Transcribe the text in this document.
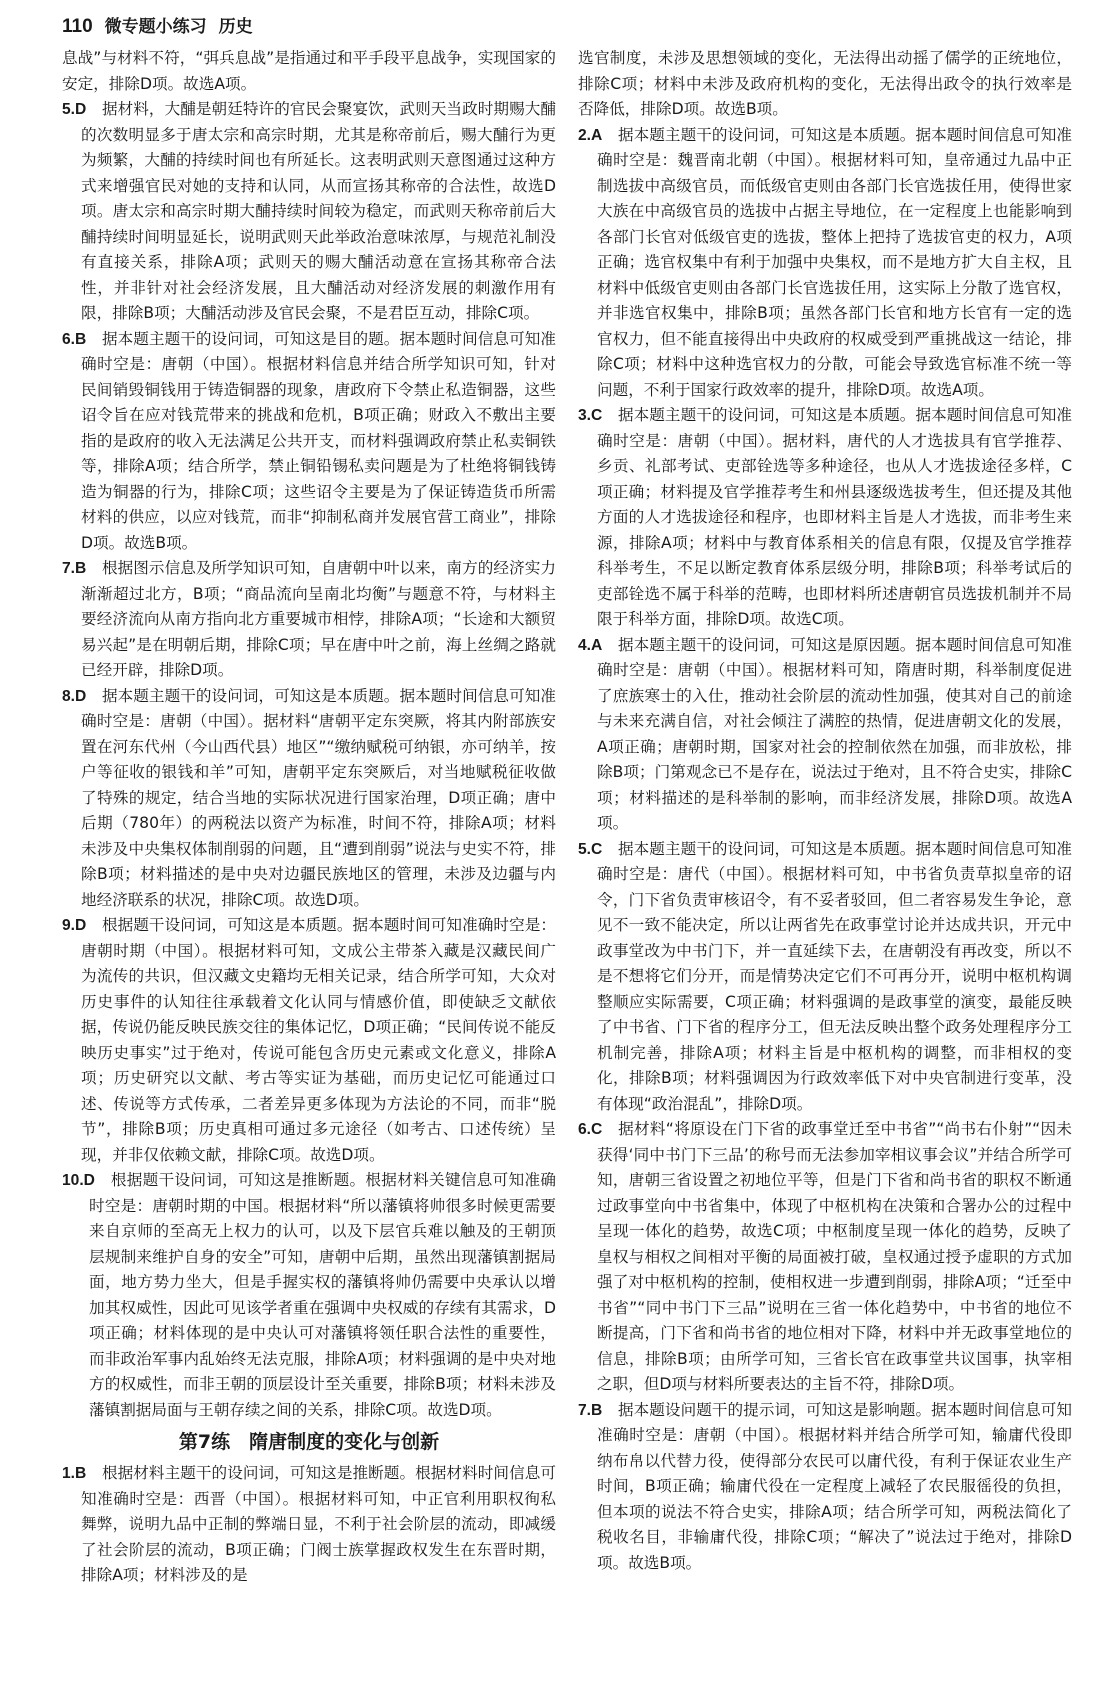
110 微专题小练习 历史

息战”与材料不符，“弭兵息战”是指通过和平手段平息战争，实现国家的安定，排除D项。故选A项。

5.D  据材料，大酺是朝廷特许的官民会聚宴饮，武则天当政时期赐大酺的次数明显多于唐太宗和高宗时期，尤其是称帝前后，赐大酺行为更为频繁，大酺的持续时间也有所延长。这表明武则天意图通过这种方式来增强官民对她的支持和认同，从而宣扬其称帝的合法性，故选D项。唐太宗和高宗时期大酺持续时间较为稳定，而武则天称帝前后大酺持续时间明显延长，说明武则天此举政治意味浓厚，与规范礼制没有直接关系，排除A项；武则天的赐大酺活动意在宣扬其称帝合法性，并非针对社会经济发展，且大酺活动对经济发展的刺激作用有限，排除B项；大酺活动涉及官民会聚，不是君臣互动，排除C项。

6.B  据本题主题干的设问词，可知这是目的题。据本题时间信息可知准确时空是：唐朝（中国）。根据材料信息并结合所学知识可知，针对民间销毁铜钱用于铸造铜器的现象，唐政府下令禁止私造铜器，这些诏令旨在应对钱荒带来的挑战和危机，B项正确；财政入不敷出主要指的是政府的收入无法满足公共开支，而材料强调政府禁止私卖铜铁等，排除A项；结合所学，禁止铜铅锡私卖问题是为了杜绝将铜钱铸造为铜器的行为，排除C项；这些诏令主要是为了保证铸造货币所需材料的供应，以应对钱荒，而非“抑制私商并发展官营工商业”，排除D项。故选B项。

7.B  根据图示信息及所学知识可知，自唐朝中叶以来，南方的经济实力渐渐超过北方，B项；“商品流向呈南北均衡”与题意不符，与材料主要经济流向从南方指向北方重要城市相悖，排除A项；“长途和大额贸易兴起”是在明朝后期，排除C项；早在唐中叶之前，海上丝绸之路就已经开辟，排除D项。

8.D  据本题主题干的设问词，可知这是本质题。据本题时间信息可知准确时空是：唐朝（中国）。据材料“唐朝平定东突厥，将其内附部族安置在河东代州（今山西代县）地区”“缴纳赋税可纳银，亦可纳羊，按户等征收的银钱和羊”可知，唐朝平定东突厥后，对当地赋税征收做了特殊的规定，结合当地的实际状况进行国家治理，D项正确；唐中后期（780年）的两税法以资产为标准，时间不符，排除A项；材料未涉及中央集权体制削弱的问题，且“遭到削弱”说法与史实不符，排除B项；材料描述的是中央对边疆民族地区的管理，未涉及边疆与内地经济联系的状况，排除C项。故选D项。

9.D  根据题干设问词，可知这是本质题。据本题时间可知准确时空是：唐朝时期（中国）。根据材料可知，文成公主带茶入藏是汉藏民间广为流传的共识，但汉藏文史籍均无相关记录，结合所学可知，大众对历史事件的认知往往承载着文化认同与情感价值，即使缺乏文献依据，传说仍能反映民族交往的集体记忆，D项正确；“民间传说不能反映历史事实”过于绝对，传说可能包含历史元素或文化意义，排除A项；历史研究以文献、考古等实证为基础，而历史记忆可能通过口述、传说等方式传承，二者差异更多体现为方法论的不同，而非“脱节”，排除B项；历史真相可通过多元途径（如考古、口述传统）呈现，并非仅依赖文献，排除C项。故选D项。

10.D  根据题干设问词，可知这是推断题。根据材料关键信息可知准确时空是：唐朝时期的中国。根据材料“所以藩镇将帅很多时候更需要来自京师的至高无上权力的认可，以及下层官兵难以触及的王朝顶层规制来维护自身的安全”可知，唐朝中后期，虽然出现藩镇割据局面，地方势力坐大，但是手握实权的藩镇将帅仍需要中央承认以增加其权威性，因此可见该学者重在强调中央权威的存续有其需求，D项正确；材料体现的是中央认可对藩镇将领任职合法性的重要性，而非政治军事内乱始终无法克服，排除A项；材料强调的是中央对地方的权威性，而非王朝的顶层设计至关重要，排除B项；材料未涉及藩镇割据局面与王朝存续之间的关系，排除C项。故选D项。

第7练　隋唐制度的变化与创新

1.B  根据材料主题干的设问词，可知这是推断题。根据材料时间信息可知准确时空是：西晋（中国）。根据材料可知，中正官利用职权徇私舞弊，说明九品中正制的弊端日显，不利于社会阶层的流动，即减缓了社会阶层的流动，B项正确；门阀士族掌握政权发生在东晋时期，排除A项；材料涉及的是

选官制度，未涉及思想领域的变化，无法得出动摇了儒学的正统地位，排除C项；材料中未涉及政府机构的变化，无法得出政令的执行效率是否降低，排除D项。故选B项。

2.A  据本题主题干的设问词，可知这是本质题。据本题时间信息可知准确时空是：魏晋南北朝（中国）。根据材料可知，皇帝通过九品中正制选拔中高级官员，而低级官吏则由各部门长官选拔任用，使得世家大族在中高级官员的选拔中占据主导地位，在一定程度上也能影响到各部门长官对低级官吏的选拔，整体上把持了选拔官吏的权力，A项正确；选官权集中有利于加强中央集权，而不是地方扩大自主权，且材料中低级官吏则由各部门长官选拔任用，这实际上分散了选官权，并非选官权集中，排除B项；虽然各部门长官和地方长官有一定的选官权力，但不能直接得出中央政府的权威受到严重挑战这一结论，排除C项；材料中这种选官权力的分散，可能会导致选官标准不统一等问题，不利于国家行政效率的提升，排除D项。故选A项。

3.C  据本题主题干的设问词，可知这是本质题。据本题时间信息可知准确时空是：唐朝（中国）。据材料，唐代的人才选拔具有官学推荐、乡贡、礼部考试、吏部铨选等多种途径，也从人才选拔途径多样，C项正确；材料提及官学推荐考生和州县逐级选拔考生，但还提及其他方面的人才选拔途径和程序，也即材料主旨是人才选拔，而非考生来源，排除A项；材料中与教育体系相关的信息有限，仅提及官学推荐科举考生，不足以断定教育体系层级分明，排除B项；科举考试后的吏部铨选不属于科举的范畴，也即材料所述唐朝官员选拔机制并不局限于科举方面，排除D项。故选C项。

4.A  据本题主题干的设问词，可知这是原因题。据本题时间信息可知准确时空是：唐朝（中国）。根据材料可知，隋唐时期，科举制度促进了庶族寒士的入仕，推动社会阶层的流动性加强，使其对自己的前途与未来充满自信，对社会倾注了满腔的热情，促进唐朝文化的发展，A项正确；唐朝时期，国家对社会的控制依然在加强，而非放松，排除B项；门第观念已不是存在，说法过于绝对，且不符合史实，排除C项；材料描述的是科举制的影响，而非经济发展，排除D项。故选A项。

5.C  据本题主题干的设问词，可知这是本质题。据本题时间信息可知准确时空是：唐代（中国）。根据材料可知，中书省负责草拟皇帝的诏令，门下省负责审核诏令，有不妥者驳回，但二者容易发生争论，意见不一致不能决定，所以让两省先在政事堂讨论并达成共识，开元中政事堂改为中书门下，并一直延续下去，在唐朝没有再改变，所以不是不想将它们分开，而是情势决定它们不可再分开，说明中枢机构调整顺应实际需要，C项正确；材料强调的是政事堂的演变，最能反映了中书省、门下省的程序分工，但无法反映出整个政务处理程序分工机制完善，排除A项；材料主旨是中枢机构的调整，而非相权的变化，排除B项；材料强调因为行政效率低下对中央官制进行变革，没有体现“政治混乱”，排除D项。

6.C  据材料“将原设在门下省的政事堂迁至中书省”“尚书右仆射”“因未获得‘同中书门下三品’的称号而无法参加宰相议事会议”并结合所学可知，唐朝三省设置之初地位平等，但是门下省和尚书省的职权不断通过政事堂向中书省集中，体现了中枢机构在决策和合署办公的过程中呈现一体化的趋势，故选C项；中枢制度呈现一体化的趋势，反映了皇权与相权之间相对平衡的局面被打破，皇权通过授予虚职的方式加强了对中枢机构的控制，使相权进一步遭到削弱，排除A项；“迁至中书省”“同中书门下三品”说明在三省一体化趋势中，中书省的地位不断提高，门下省和尚书省的地位相对下降，材料中并无政事堂地位的信息，排除B项；由所学可知，三省长官在政事堂共议国事，执宰相之职，但D项与材料所要表达的主旨不符，排除D项。

7.B  据本题设问题干的提示词，可知这是影响题。据本题时间信息可知准确时空是：唐朝（中国）。根据材料并结合所学可知，输庸代役即纳布帛以代替力役，使得部分农民可以庸代役，有利于保证农业生产时间，B项正确；输庸代役在一定程度上减轻了农民服徭役的负担，但本项的说法不符合史实，排除A项；结合所学可知，两税法简化了税收名目，非输庸代役，排除C项；“解决了”说法过于绝对，排除D项。故选B项。
